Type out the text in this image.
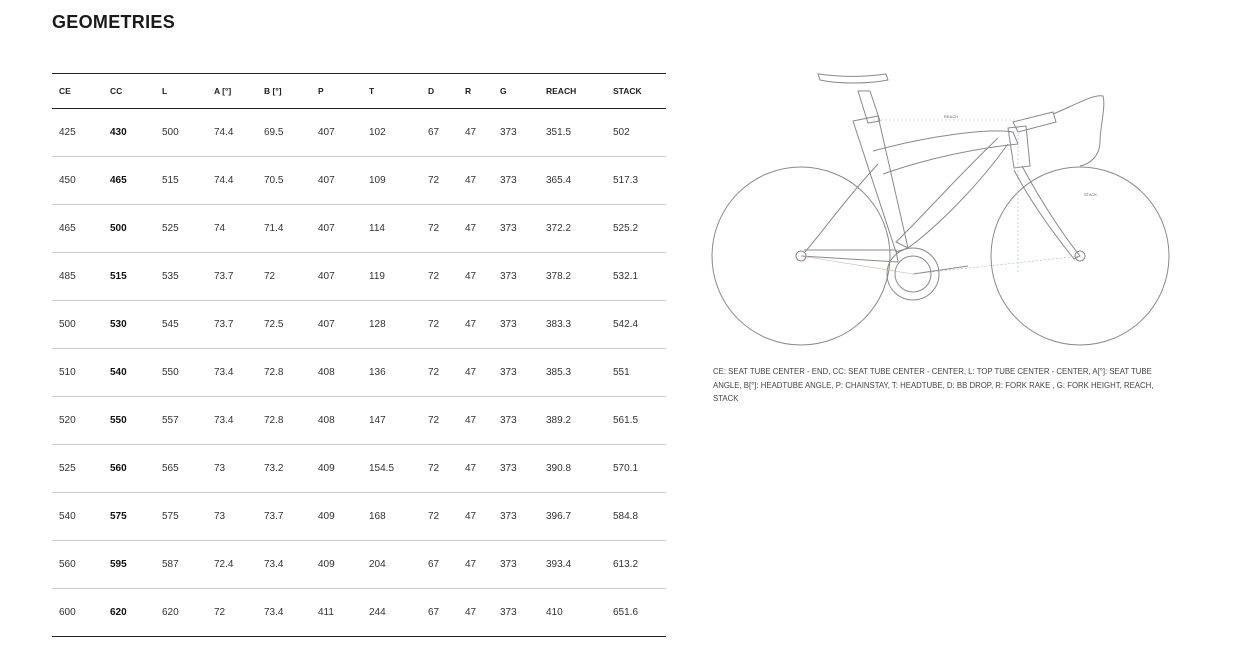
GEOMETRIES
CE	CC	L	A [°]	B [°]	P	T	D	R	G	REACH	STACK
425	430	500	74.4	69.5	407	102	67	47	373	351.5	502
450	465	515	74.4	70.5	407	109	72	47	373	365.4	517.3
465	500	525	74	71.4	407	114	72	47	373	372.2	525.2
485	515	535	73.7	72	407	119	72	47	373	378.2	532.1
500	530	545	73.7	72.5	407	128	72	47	373	383.3	542.4
510	540	550	73.4	72.8	408	136	72	47	373	385.3	551
520	550	557	73.4	72.8	408	147	72	47	373	389.2	561.5
525	560	565	73	73.2	409	154.5	72	47	373	390.8	570.1
540	575	575	73	73.7	409	168	72	47	373	396.7	584.8
560	595	587	72.4	73.4	409	204	67	47	373	393.4	613.2
600	620	620	72	73.4	411	244	67	47	373	410	651.6
REACH
STACK
CE: SEAT TUBE CENTER - END, CC: SEAT TUBE CENTER - CENTER, L: TOP TUBE CENTER - CENTER, A[°]: SEAT TUBE ANGLE, B[°]: HEADTUBE ANGLE, P: CHAINSTAY, T: HEADTUBE, D: BB DROP, R: FORK RAKE , G: FORK HEIGHT, REACH, STACK
